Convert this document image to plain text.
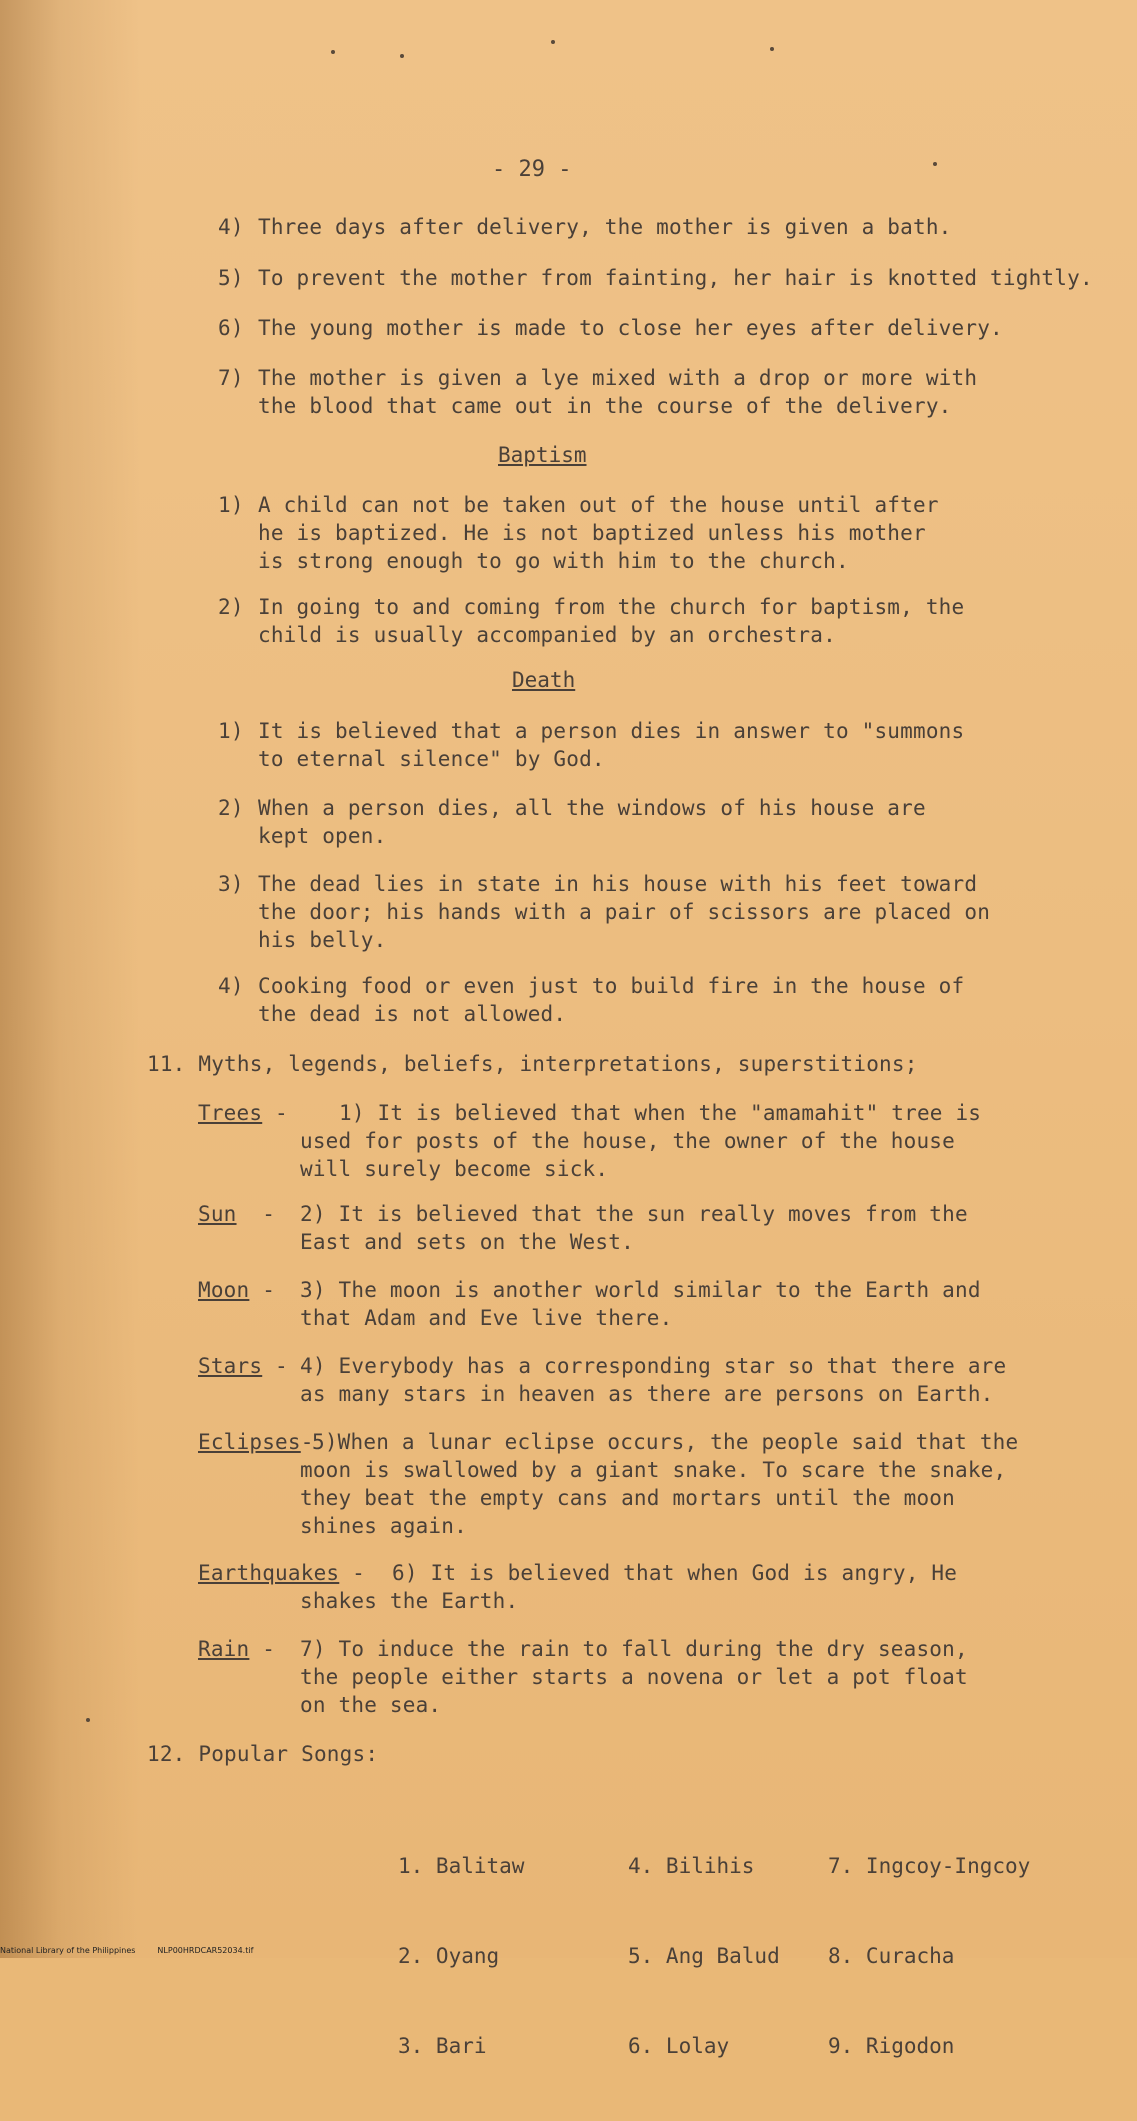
- 29 -
4) Three days after delivery, the mother is given a bath.
5) To prevent the mother from fainting, her hair is knotted tightly.
6) The young mother is made to close her eyes after delivery.
7) The mother is given a lye mixed with a drop or more with
the blood that came out in the course of the delivery.
Baptism
1) A child can not be taken out of the house until after
he is baptized. He is not baptized unless his mother
is strong enough to go with him to the church.
2) In going to and coming from the church for baptism, the
child is usually accompanied by an orchestra.
Death
1) It is believed that a person dies in answer to "summons
to eternal silence" by God.
2) When a person dies, all the windows of his house are
kept open.
3) The dead lies in state in his house with his feet toward
the door; his hands with a pair of scissors are placed on
his belly.
4) Cooking food or even just to build fire in the house of
the dead is not allowed.
11. Myths, legends, beliefs, interpretations, superstitions;
Trees - 1) It is believed that when the "amamahit" tree is
used for posts of the house, the owner of the house
will surely become sick.
Sun  - 2) It is believed that the sun really moves from the
East and sets on the West.
Moon - 3) The moon is another world similar to the Earth and
that Adam and Eve live there.
Stars - 4) Everybody has a corresponding star so that there are
as many stars in heaven as there are persons on Earth.
Eclipses-
5)When a lunar eclipse occurs, the people said that the
moon is swallowed by a giant snake. To scare the snake,
they beat the empty cans and mortars until the moon
shines again.
Earthquakes - 6) It is believed that when God is angry, He
shakes the Earth.
Rain - 7) To induce the rain to fall during the dry season,
the people either starts a novena or let a pot float
on the sea.
12. Popular Songs:

1. Balitaw

2. Oyang

3. Bari

4. Bilihis

5. Ang Balud

6. Lolay

7. Ingcoy-Ingcoy

8. Curacha

9. Rigodon

National Library of the Philippines	NLP00HRDCAR52034.tif
